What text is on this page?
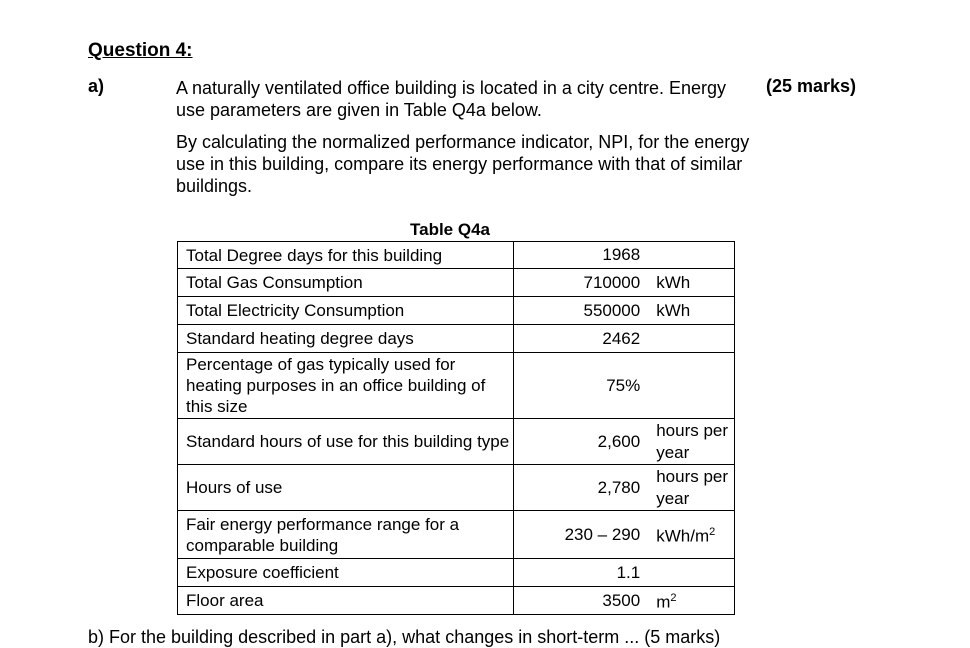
Question 4:
a)	(25 marks)
A naturally ventilated office building is located in a city centre. Energy use parameters are given in Table Q4a below.
By calculating the normalized performance indicator, NPI, for the energy use in this building, compare its energy performance with that of similar buildings.
Table Q4a
Total Degree days for this building	1968

Total Gas Consumption	710000 kWh

Total Electricity Consumption	550000 kWh

Standard heating degree days	2462

Percentage of gas typically used for heating purposes in an office building of this size	75%

Standard hours of use for this building type	2,600
hours per year

Hours of use	2,780
hours per year

Fair energy performance range for a comparable building	230 – 290 kWh/$m^2$

Exposure coefficient	1.1

Floor area	3500 $m^2$
b) For the building described in part a), what changes in short-term ... (5 marks)
